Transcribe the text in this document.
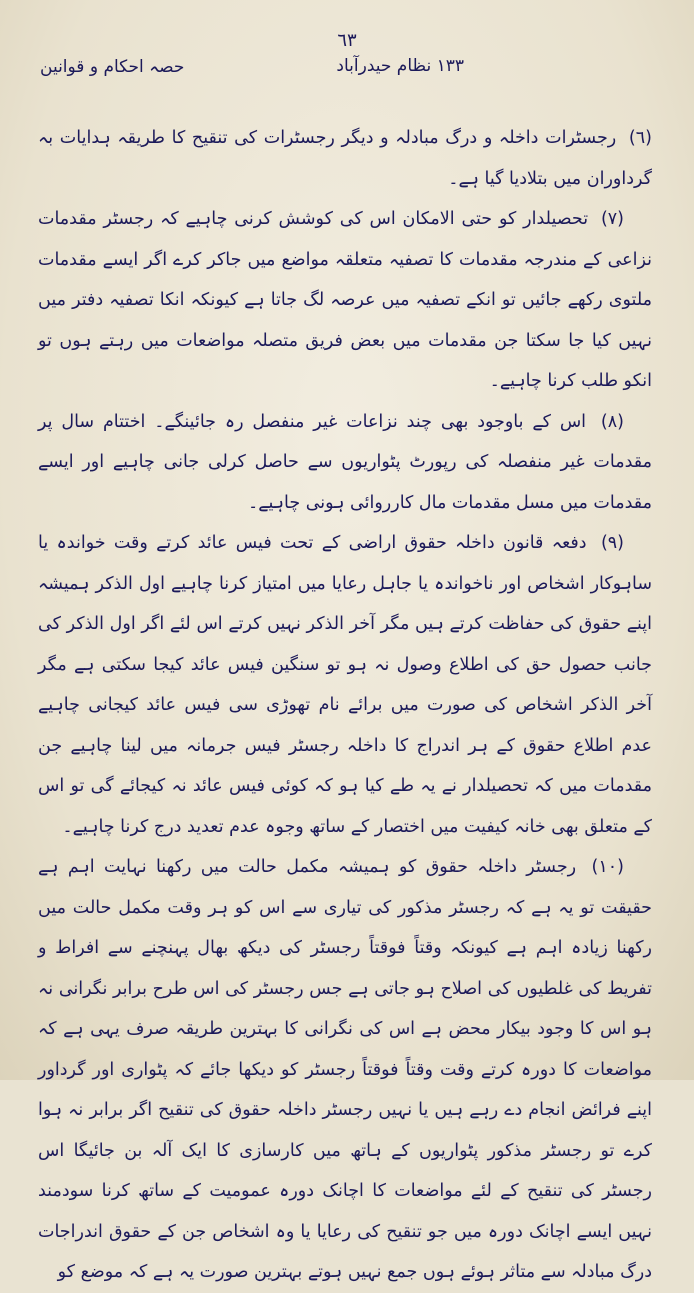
٦٣
١٣٣ نظام حیدرآباد
حصہ احکام و قوانین

(٦) رجسٹرات داخلہ و درگ مبادلہ و دیگر رجسٹرات کی تنقیح کا طریقہ ہدایات بہ گرداوران میں بتلادیا گیا ہے۔

(٧) تحصیلدار کو حتی الامکان اس کی کوشش کرنی چاہیے کہ رجسٹر مقدمات نزاعی کے مندرجہ مقدمات کا تصفیہ متعلقہ مواضع میں جاکر کرے اگر ایسے مقدمات ملتوی رکھے جائیں تو انکے تصفیہ میں عرصہ لگ جاتا ہے کیونکہ انکا تصفیہ دفتر میں نہیں کیا جا سکتا جن مقدمات میں بعض فریق متصلہ مواضعات میں رہتے ہوں تو انکو طلب کرنا چاہیے۔

(٨) اس کے باوجود بھی چند نزاعات غیر منفصل رہ جائینگے۔ اختتام سال پر مقدمات غیر منفصلہ کی رپورٹ پٹواریوں سے حاصل کرلی جانی چاہیے اور ایسے مقدمات میں مسل مقدمات مال کارروائی ہونی چاہیے۔

(٩) دفعہ قانون داخلہ حقوق اراضی کے تحت فیس عائد کرتے وقت خواندہ یا ساہوکار اشخاص اور ناخواندہ یا جاہل رعایا میں امتیاز کرنا چاہیے اول الذکر ہمیشہ اپنے حقوق کی حفاظت کرتے ہیں مگر آخر الذکر نہیں کرتے اس لئے اگر اول الذکر کی جانب حصول حق کی اطلاع وصول نہ ہو تو سنگین فیس عائد کیجا سکتی ہے مگر آخر الذکر اشخاص کی صورت میں برائے نام تھوڑی سی فیس عائد کیجانی چاہیے عدم اطلاع حقوق کے ہر اندراج کا داخلہ رجسٹر فیس جرمانہ میں لینا چاہیے جن مقدمات میں کہ تحصیلدار نے یہ طے کیا ہو کہ کوئی فیس عائد نہ کیجائے گی تو اس کے متعلق بھی خانہ کیفیت میں اختصار کے ساتھ وجوہ عدم تعدید درج کرنا چاہیے۔

(١٠) رجسٹر داخلہ حقوق کو ہمیشہ مکمل حالت میں رکھنا نہایت اہم ہے حقیقت تو یہ ہے کہ رجسٹر مذکور کی تیاری سے اس کو ہر وقت مکمل حالت میں رکھنا زیادہ اہم ہے کیونکہ وقتاً فوقتاً رجسٹر کی دیکھ بھال پہنچنے سے افراط و تفریط کی غلطیوں کی اصلاح ہو جاتی ہے جس رجسٹر کی اس طرح برابر نگرانی نہ ہو اس کا وجود بیکار محض ہے اس کی نگرانی کا بہترین طریقہ صرف یہی ہے کہ مواضعات کا دورہ کرتے وقت وقتاً فوقتاً رجسٹر کو دیکھا جائے کہ پٹواری اور گرداور اپنے فرائض انجام دے رہے ہیں یا نہیں رجسٹر داخلہ حقوق کی تنقیح اگر برابر نہ ہوا کرے تو رجسٹر مذکور پٹواریوں کے ہاتھ میں کارسازی کا ایک آلہ بن جائیگا اس رجسٹر کی تنقیح کے لئے مواضعات کا اچانک دورہ عمومیت کے ساتھ کرنا سودمند نہیں ایسے اچانک دورہ میں جو تنقیح کی رعایا یا وہ اشخاص جن کے حقوق اندراجات درگ مبادلہ سے متاثر ہوئے ہوں جمع نہیں ہوتے بہترین صورت یہ ہے کہ موضع کو
